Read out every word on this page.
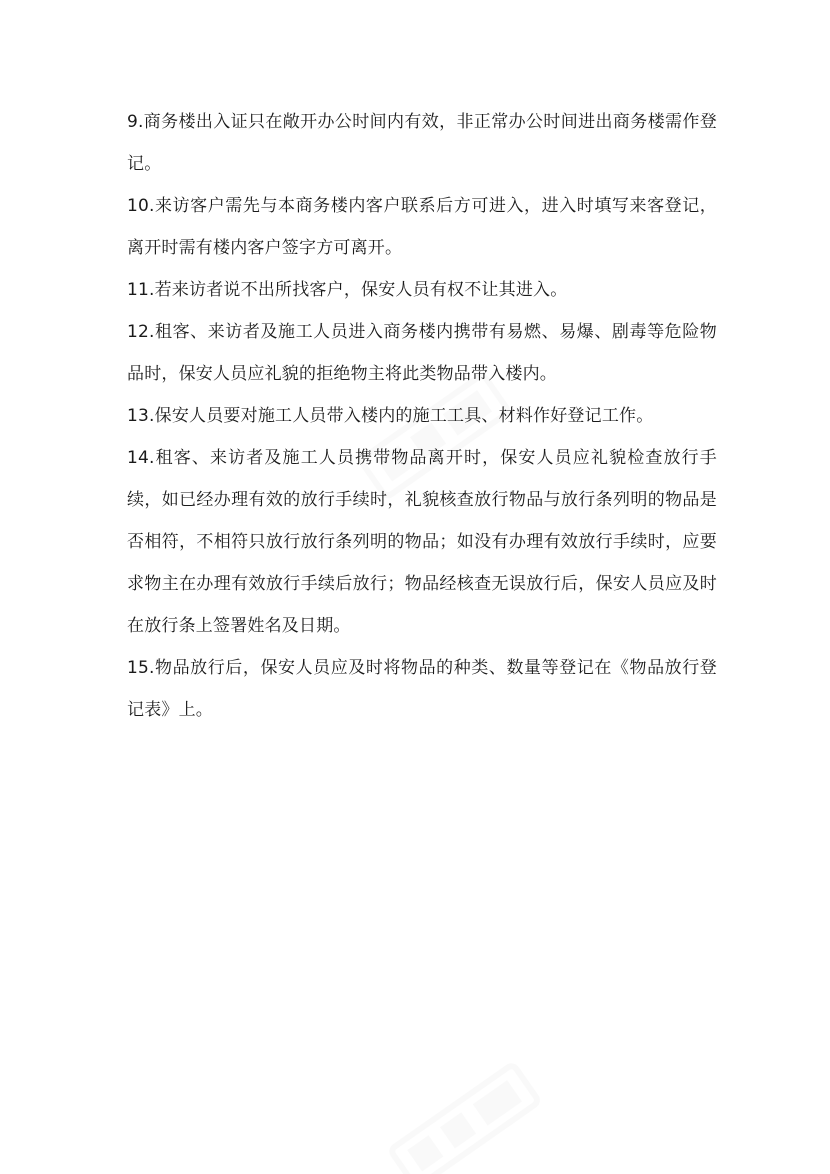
9.商务楼出入证只在敞开办公时间内有效，非正常办公时间进出商务楼需作登记。

10.来访客户需先与本商务楼内客户联系后方可进入，进入时填写来客登记，离开时需有楼内客户签字方可离开。

11.若来访者说不出所找客户，保安人员有权不让其进入。

12.租客、来访者及施工人员进入商务楼内携带有易燃、易爆、剧毒等危险物品时，保安人员应礼貌的拒绝物主将此类物品带入楼内。

13.保安人员要对施工人员带入楼内的施工工具、材料作好登记工作。

14.租客、来访者及施工人员携带物品离开时，保安人员应礼貌检查放行手续，如已经办理有效的放行手续时，礼貌核查放行物品与放行条列明的物品是否相符，不相符只放行放行条列明的物品；如没有办理有效放行手续时，应要求物主在办理有效放行手续后放行；物品经核查无误放行后，保安人员应及时在放行条上签署姓名及日期。

15.物品放行后，保安人员应及时将物品的种类、数量等登记在《物品放行登记表》上。
